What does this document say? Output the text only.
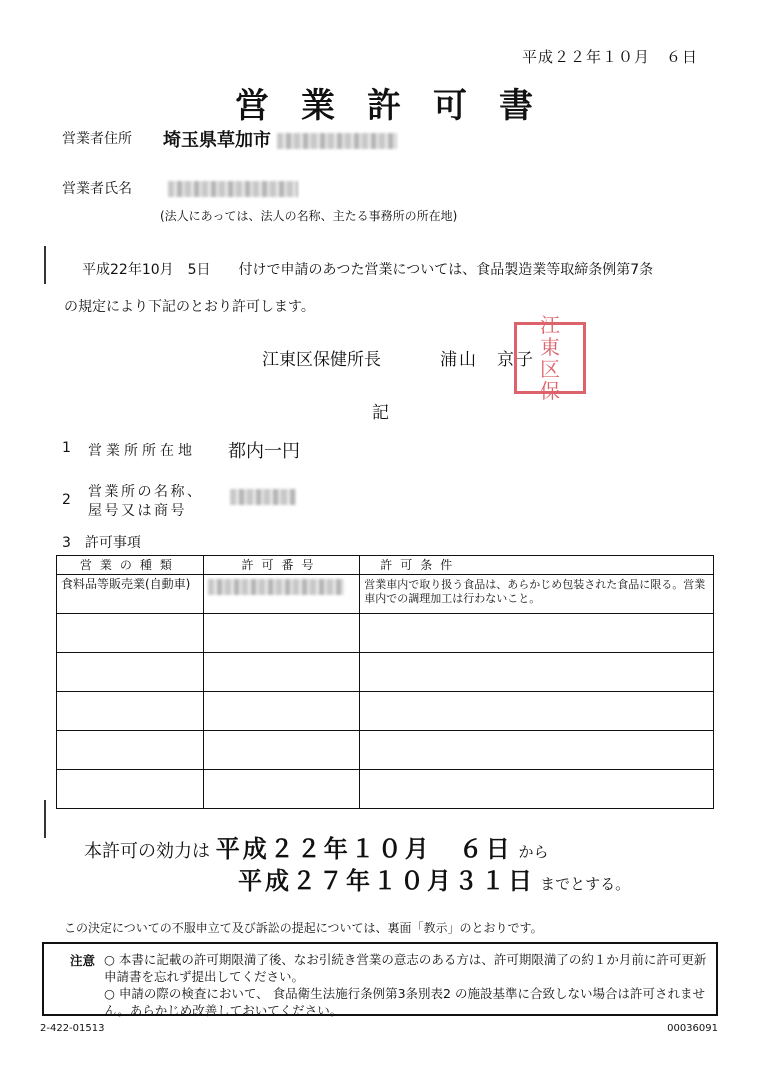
平成２２年１０月　６日
営業許可書
営業者住所 埼玉県草加市
営業者氏名
(法人にあっては、法人の名称、主たる事務所の所在地)
平成22年10月　5日　　付けで申請のあつた営業については、食品製造業等取締条例第7条
の規定により下記のとおり許可します。
江東区保健所長	浦山　京子
江
東
区
保
記
1 営業所所在地 都内一円
2 営業所の名称、屋号又は商号
3　許可事項
営業の種類	許可番号	許可条件
食料品等販売業(自動車)		営業車内で取り扱う食品は、あらかじめ包装された食品に限る。営業車内での調理加工は行わないこと。

本許可の効力は 平成２２年１０月　６日 から
平成２７年１０月３１日 までとする。
この決定についての不服申立て及び訴訟の提起については、裏面「教示」のとおりです。
注意 ○ 本書に記載の許可期限満了後、なお引続き営業の意志のある方は、許可期限満了の約１か月前に許可更新申請書を忘れず提出してください。
○ 申請の際の検査において、 食品衛生法施行条例第3条別表2 の施設基準に合致しない場合は許可されません。あらかじめ改善しておいてください。
2-422-01513	00036091
